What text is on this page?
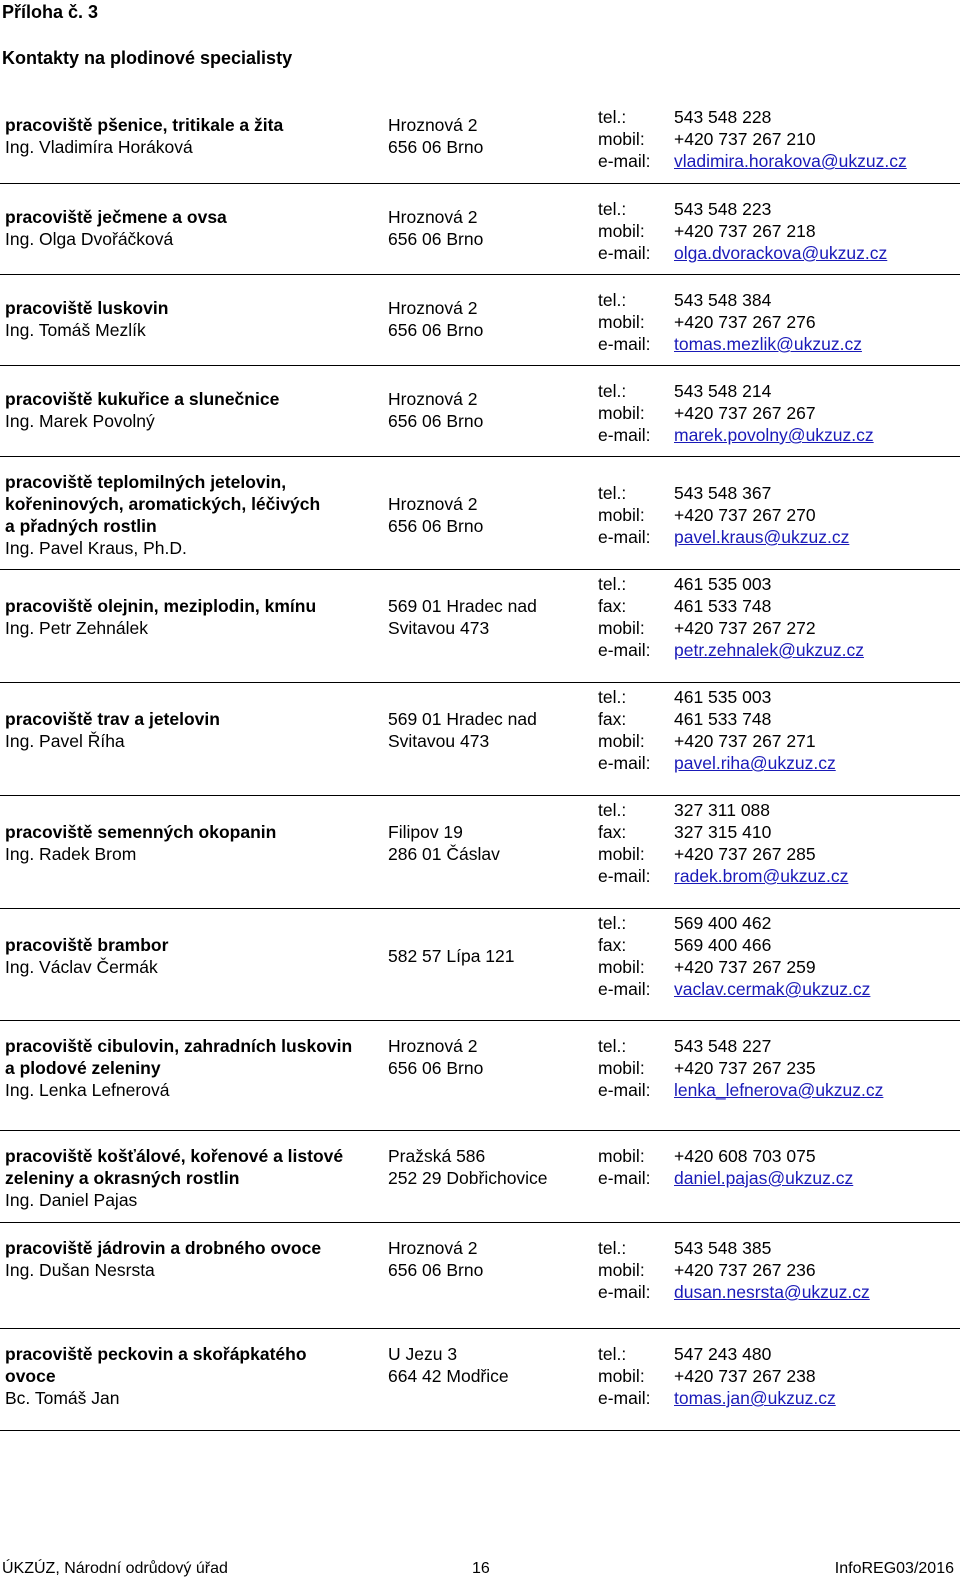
Příloha č. 3
Kontakty na plodinové specialisty
pracoviště pšenice, tritikale a žita
Ing. Vladimíra Horáková
Hroznová 2
656 06 Brno
tel.:	543 548 228
mobil:	+420 737 267 210
e-mail:	vladimira.horakova@ukzuz.cz
pracoviště ječmene a ovsa
Ing. Olga Dvořáčková
Hroznová 2
656 06 Brno
tel.:	543 548 223
mobil:	+420 737 267 218
e-mail:	olga.dvorackova@ukzuz.cz
pracoviště luskovin
Ing. Tomáš Mezlík
Hroznová 2
656 06 Brno
tel.:	543 548 384
mobil:	+420 737 267 276
e-mail:	tomas.mezlik@ukzuz.cz
pracoviště kukuřice a slunečnice
Ing. Marek Povolný
Hroznová 2
656 06 Brno
tel.:	543 548 214
mobil:	+420 737 267 267
e-mail:	marek.povolny@ukzuz.cz
pracoviště teplomilných jetelovin,
kořeninových, aromatických, léčivých
a přadných rostlin
Ing. Pavel Kraus, Ph.D.
Hroznová 2
656 06 Brno
tel.:	543 548 367
mobil:	+420 737 267 270
e-mail:	pavel.kraus@ukzuz.cz
pracoviště olejnin, meziplodin, kmínu
Ing. Petr Zehnálek
569 01 Hradec nad
Svitavou 473
tel.:	461 535 003
fax:	461 533 748
mobil:	+420 737 267 272
e-mail:	petr.zehnalek@ukzuz.cz
pracoviště trav a jetelovin
Ing. Pavel Říha
569 01 Hradec nad
Svitavou 473
tel.:	461 535 003
fax:	461 533 748
mobil:	+420 737 267 271
e-mail:	pavel.riha@ukzuz.cz
pracoviště semenných okopanin
Ing. Radek Brom
Filipov 19
286 01 Čáslav
tel.:	327 311 088
fax:	327 315 410
mobil:	+420 737 267 285
e-mail:	radek.brom@ukzuz.cz
pracoviště brambor
Ing. Václav Čermák
582 57 Lípa 121
tel.:	569 400 462
fax:	569 400 466
mobil:	+420 737 267 259
e-mail:	vaclav.cermak@ukzuz.cz
pracoviště cibulovin, zahradních luskovin
a plodové zeleniny
Ing. Lenka Lefnerová
Hroznová 2
656 06 Brno
tel.:	543 548 227
mobil:	+420 737 267 235
e-mail:	lenka_lefnerova@ukzuz.cz
pracoviště košťálové, kořenové a listové
zeleniny a okrasných rostlin
Ing. Daniel Pajas
Pražská 586
252 29 Dobřichovice
mobil:	+420 608 703 075
e-mail:	daniel.pajas@ukzuz.cz
pracoviště jádrovin a drobného ovoce
Ing. Dušan Nesrsta
Hroznová 2
656 06 Brno
tel.:	543 548 385
mobil:	+420 737 267 236
e-mail:	dusan.nesrsta@ukzuz.cz
pracoviště peckovin a skořápkatého
ovoce
Bc. Tomáš Jan
U Jezu 3
664 42 Modřice
tel.:	547 243 480
mobil:	+420 737 267 238
e-mail:	tomas.jan@ukzuz.cz
ÚKZÚZ, Národní odrůdový úřad	16	InfoREG03/2016
